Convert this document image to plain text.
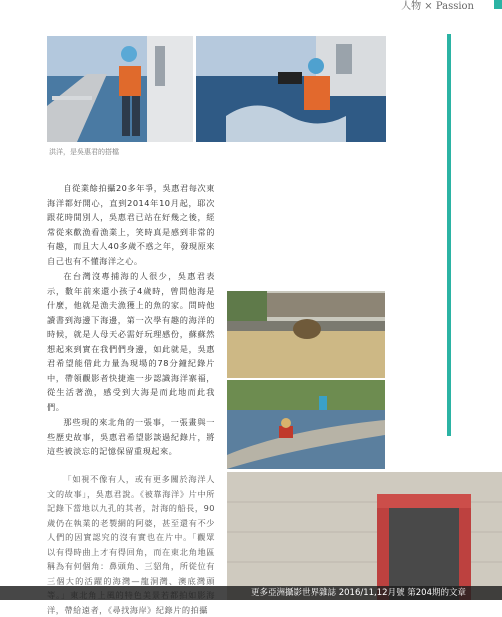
人物 × Passion
洪洋，是吳惠君的搭檔

自從業餘拍攝20多年爭，吳惠君每次東海洋都好開心，直到2014年10月起，耶次跟花時間別人，吳惠君已站在好幾之後，經常從來歡漁看漁業上，笑時真是感到非常的有趣，而且大人40多歲不惑之年，發現原來自己也有不懂海洋之心。

在台灣沒專捕海的人很少，吳惠君表示，數年前來還小孩子4歲時，曾問他海是什麼，他就是漁夫漁獲上的魚的家。問時他讀書到海邊下海邊，第一次學有趣的海洋的時候，就是人母天必需好玩理感份，蘇蘇然想起來到實在我們們身邊，如此就是，吳惠君希望能借此力量為現場的78分鐘紀錄片中，帶領觀影者快捷進一步認識海洋寨福，從生活著漁，感受到大海是而此地而此我們。

那些現的來北角的一張事，一張畫與一些歷史故事，吳惠君希望影談過紀錄片，將這些被淡忘的記憶保留重現起來。

「如視不像有人，或有更多關於海洋人文的故事」，吳惠君說。《被靠海洋》片中所記錄下當地以九孔的其者，討海的船長，90歲仍在執業的老製網的阿婆，甚至還有不少人們的因實認究的沒有實也在片中。「觀眾以有得時曲上才有得回角，而在東北角地區稱為有何個角：鼻頭角、三貂角，所從位有三個大的活躍的海灣—龍洞灣、澳底灣頭 洋，帶給遠者，《尋找海岸》紀錄片的拍攝

更多亞洲攝影世界雜誌 2016/11,12月號 第204期的文章
